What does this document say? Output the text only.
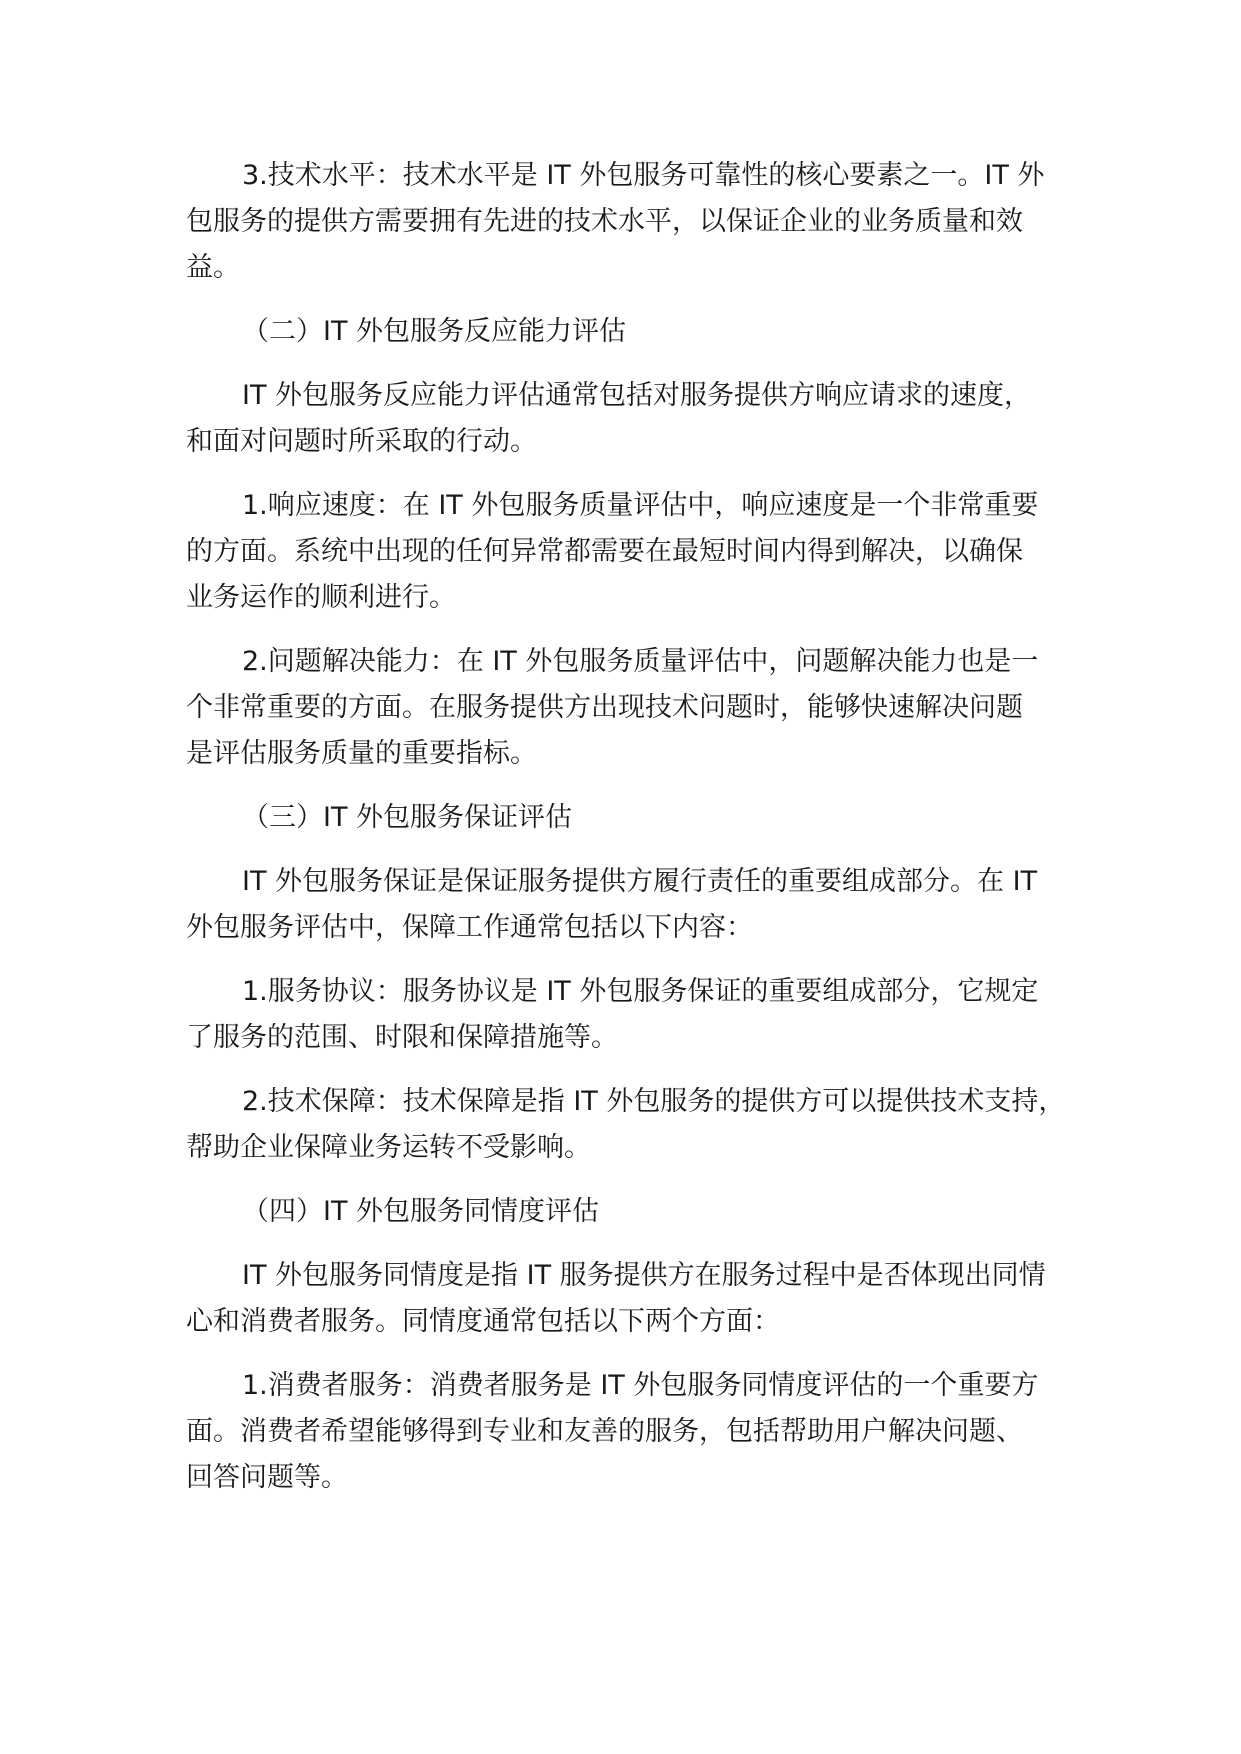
3.技术水平：技术水平是 IT 外包服务可靠性的核心要素之一。IT 外
包服务的提供方需要拥有先进的技术水平，以保证企业的业务质量和效
益。
（二）IT 外包服务反应能力评估
IT 外包服务反应能力评估通常包括对服务提供方响应请求的速度，
和面对问题时所采取的行动。
1.响应速度：在 IT 外包服务质量评估中，响应速度是一个非常重要
的方面。系统中出现的任何异常都需要在最短时间内得到解决，以确保
业务运作的顺利进行。
2.问题解决能力：在 IT 外包服务质量评估中，问题解决能力也是一
个非常重要的方面。在服务提供方出现技术问题时，能够快速解决问题
是评估服务质量的重要指标。
（三）IT 外包服务保证评估
IT 外包服务保证是保证服务提供方履行责任的重要组成部分。在 IT
外包服务评估中，保障工作通常包括以下内容：
1.服务协议：服务协议是 IT 外包服务保证的重要组成部分，它规定
了服务的范围、时限和保障措施等。
2.技术保障：技术保障是指 IT 外包服务的提供方可以提供技术支持，
帮助企业保障业务运转不受影响。
（四）IT 外包服务同情度评估
IT 外包服务同情度是指 IT 服务提供方在服务过程中是否体现出同情
心和消费者服务。同情度通常包括以下两个方面：
1.消费者服务：消费者服务是 IT 外包服务同情度评估的一个重要方
面。消费者希望能够得到专业和友善的服务，包括帮助用户解决问题、
回答问题等。
